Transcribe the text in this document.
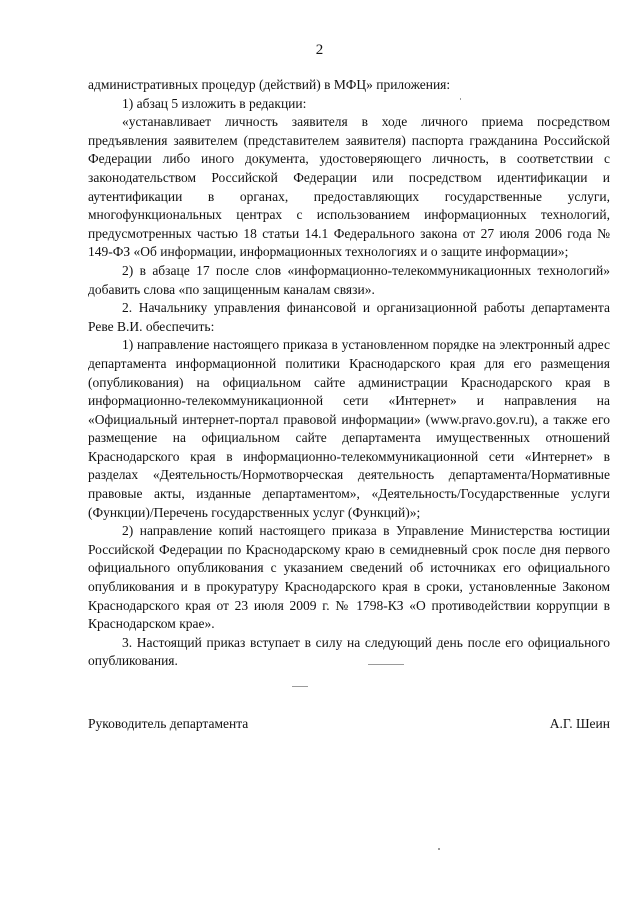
2

административных процедур (действий) в МФЦ» приложения:

1) абзац 5 изложить в редакции:

«устанавливает личность заявителя в ходе личного приема посредством предъявления заявителем (представителем заявителя) паспорта гражданина Российской Федерации либо иного документа, удостоверяющего личность, в соответствии с законодательством Российской Федерации или посредством идентификации и аутентификации в органах, предоставляющих государственные услуги, многофункциональных центрах с использованием информационных технологий, предусмотренных частью 18 статьи 14.1 Федерального закона от 27 июля 2006 года № 149-ФЗ «Об информации, информационных технологиях и о защите информации»;

2) в абзаце 17 после слов «информационно-телекоммуникационных технологий» добавить слова «по защищенным каналам связи».

2. Начальнику управления финансовой и организационной работы департамента Реве В.И. обеспечить:

1) направление настоящего приказа в установленном порядке на электронный адрес департамента информационной политики Краснодарского края для его размещения (опубликования) на официальном сайте администрации Краснодарского края в информационно-телекоммуникационной сети «Интернет» и направления на «Официальный интернет-портал правовой информации» (www.pravo.gov.ru), а также его размещение на официальном сайте департамента имущественных отношений Краснодарского края в информационно-телекоммуникационной сети «Интернет» в разделах «Деятельность/Нормотворческая деятельность департамента/Нормативные правовые акты, изданные департаментом», «Деятельность/Государственные услуги (Функции)/Перечень государственных услуг (Функций)»;

2) направление копий настоящего приказа в Управление Министерства юстиции Российской Федерации по Краснодарскому краю в семидневный срок после дня первого официального опубликования с указанием сведений об источниках его официального опубликования и в прокуратуру Краснодарского края в сроки, установленные Законом Краснодарского края от 23 июля 2009 г. № 1798-КЗ «О противодействии коррупции в Краснодарском крае».

3. Настоящий приказ вступает в силу на следующий день после его официального опубликования.

Руководитель департамента	А.Г. Шеин
